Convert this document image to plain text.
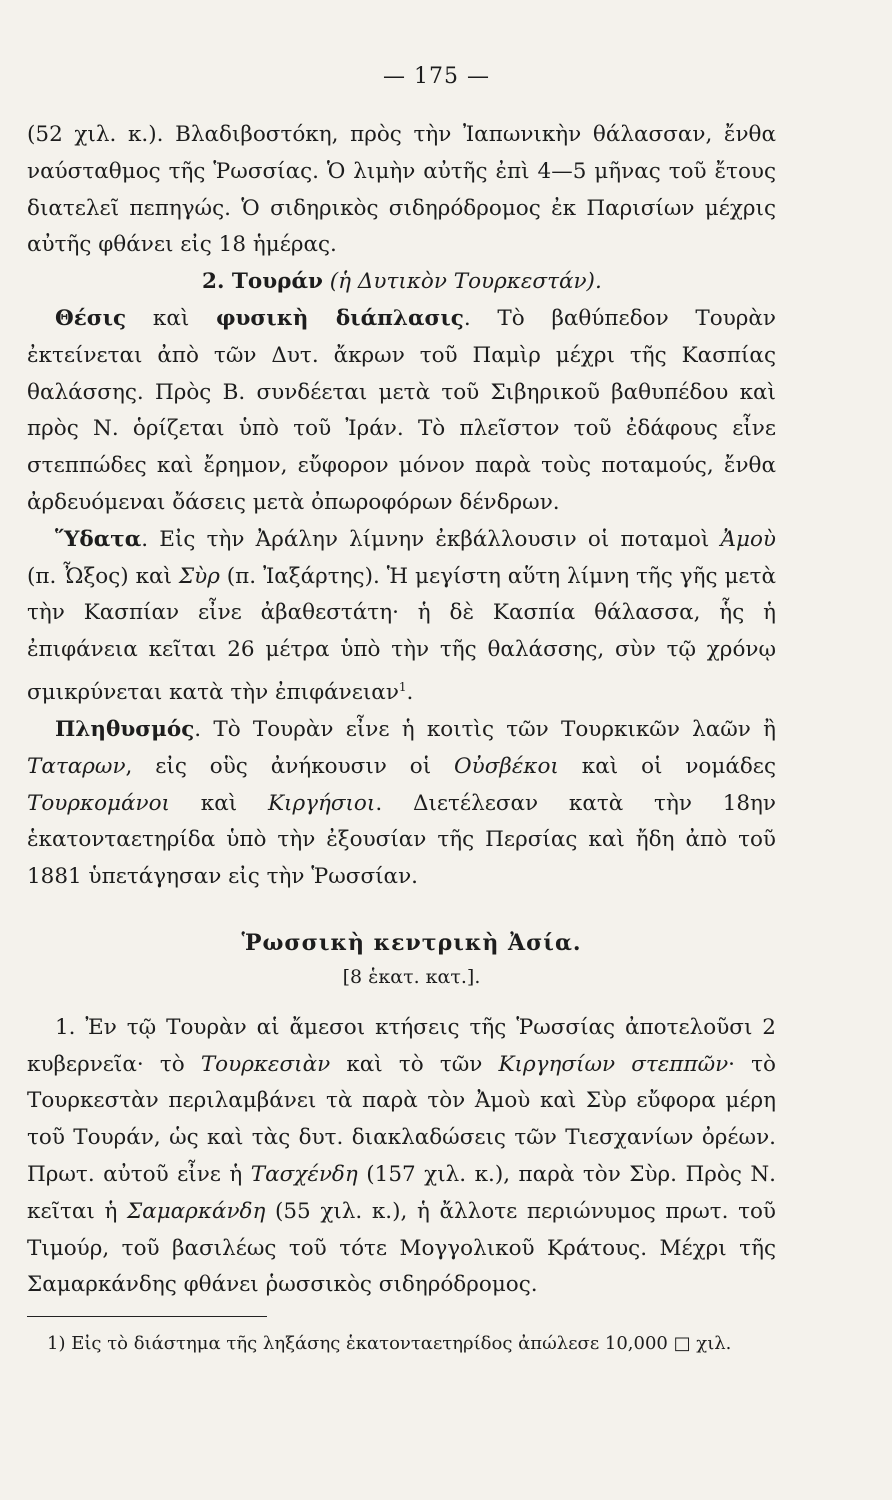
— 175 —

(52 χιλ. κ.). Βλαδιβοστόκη, πρὸς τὴν Ἰαπωνικὴν θάλασσαν, ἔνθα ναύσταθμος τῆς Ῥωσσίας. Ὁ λιμὴν αὐτῆς ἐπὶ 4—5 μῆνας τοῦ ἔτους διατελεῖ πεπηγώς. Ὁ σιδηρικὸς σιδηρόδρομος ἐκ Παρισίων μέχρις αὐτῆς φθάνει εἰς 18 ἡμέρας.

2. Τουράν (ἡ Δυτικὸν Τουρκεστάν).

Θέσις καὶ φυσικὴ διάπλασις. Τὸ βαθύπεδον Τουρὰν ἐκτείνεται ἀπὸ τῶν Δυτ. ἄκρων τοῦ Παμὶρ μέχρι τῆς Κασπίας θαλάσσης. Πρὸς Β. συνδέεται μετὰ τοῦ Σιβηρικοῦ βαθυπέδου καὶ πρὸς Ν. ὁρίζεται ὑπὸ τοῦ Ἰράν. Τὸ πλεῖστον τοῦ ἐδάφους εἶνε στεππώδες καὶ ἔρημον, εὔφορον μόνον παρὰ τοὺς ποταμούς, ἔνθα ἀρδευόμεναι ὄάσεις μετὰ ὀπωροφόρων δένδρων.

Ὕδατα. Εἰς τὴν Ἀράλην λίμνην ἐκβάλλουσιν οἱ ποταμοὶ Ἀμοὺ (π. Ὦξος) καὶ Σὺρ (π. Ἰαξάρτης). Ἡ μεγίστη αὕτη λίμνη τῆς γῆς μετὰ τὴν Κασπίαν εἶνε ἀβαθεστάτη· ἡ δὲ Κασπία θάλασσα, ἧς ἡ ἐπιφάνεια κεῖται 26 μέτρα ὑπὸ τὴν τῆς θαλάσσης, σὺν τῷ χρόνῳ σμικρύνεται κατὰ τὴν ἐπιφάνειαν$^1$.

Πληθυσμός. Τὸ Τουρὰν εἶνε ἡ κοιτὶς τῶν Τουρκικῶν λαῶν ἢ Ταταρων, εἰς οὓς ἀνήκουσιν οἱ Οὐσβέκοι καὶ οἱ νομάδες Τουρκομάνοι καὶ Κιργήσιοι. Διετέλεσαν κατὰ τὴν 18ην ἑκατονταετηρίδα ὑπὸ τὴν ἐξουσίαν τῆς Περσίας καὶ ἤδη ἀπὸ τοῦ 1881 ὑπετάγησαν εἰς τὴν Ῥωσσίαν.

Ῥωσσικὴ κεντρικὴ Ἀσία.
[8 ἑκατ. κατ.].

1. Ἐν τῷ Τουρὰν αἱ ἄμεσοι κτήσεις τῆς Ῥωσσίας ἀποτελοῦσι 2 κυβερνεῖα· τὸ Τουρκεσιὰν καὶ τὸ τῶν Κιργησίων στεππῶν· τὸ Τουρκεστὰν περιλαμβάνει τὰ παρὰ τὸν Ἀμοὺ καὶ Σὺρ εὔφορα μέρη τοῦ Τουράν, ὡς καὶ τὰς δυτ. διακλαδώσεις τῶν Τιεσχανίων ὀρέων. Πρωτ. αὐτοῦ εἶνε ἡ Τασχένδη (157 χιλ. κ.), παρὰ τὸν Σὺρ. Πρὸς Ν. κεῖται ἡ Σαμαρκάνδη (55 χιλ. κ.), ἡ ἄλλοτε περιώνυμος πρωτ. τοῦ Τιμούρ, τοῦ βασιλέως τοῦ τότε Μογγολικοῦ Κράτους. Μέχρι τῆς Σαμαρκάνδης φθάνει ῥωσσικὸς σιδηρόδρομος.

1) Εἰς τὸ διάστημα τῆς ληξάσης ἑκατονταετηρίδος ἀπώλεσε 10,000 □ χιλ.
